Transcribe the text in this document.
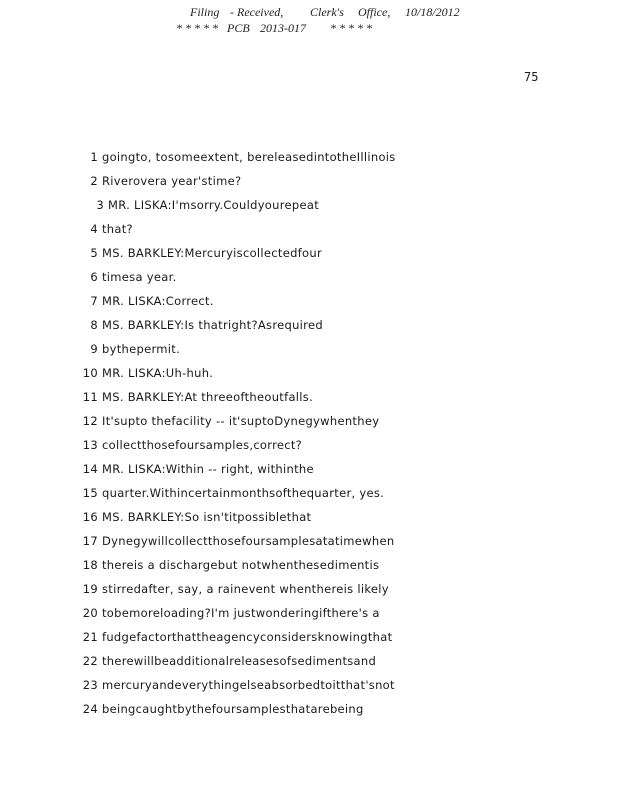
Filing - Received, Clerk's Office, 10/18/2012
* * * * * PCB 2013-017 * * * * *
75
1 goingto, tosomeextent, bereleasedintotheIllinois
2 Riverovera year'stime?
3 MR. LISKA:I'msorry.Couldyourepeat
4 that?
5 MS. BARKLEY:Mercuryiscollectedfour
6 timesa year.
7 MR. LISKA:Correct.
8 MS. BARKLEY:Is thatright?Asrequired
9 bythepermit.
10 MR. LISKA:Uh-huh.
11 MS. BARKLEY:At threeoftheoutfalls.
12 It'supto thefacility -- it'suptoDynegywhenthey
13 collectthosefoursamples,correct?
14 MR. LISKA:Within -- right, withinthe
15 quarter.Withincertainmonthsofthequarter, yes.
16 MS. BARKLEY:So isn'titpossiblethat
17 Dynegywillcollectthosefoursamplesatatimewhen
18 thereis a dischargebut notwhenthesedimentis
19 stirredafter, say, a rainevent whenthereis likely
20 tobemoreloading?I'm justwonderingifthere's a
21 fudgefactorthattheagencyconsidersknowingthat
22 therewillbeadditionalreleasesofsedimentsand
23 mercuryandeverythingelseabsorbedtoitthat'snot
24 beingcaughtbythefoursamplesthatarebeing
